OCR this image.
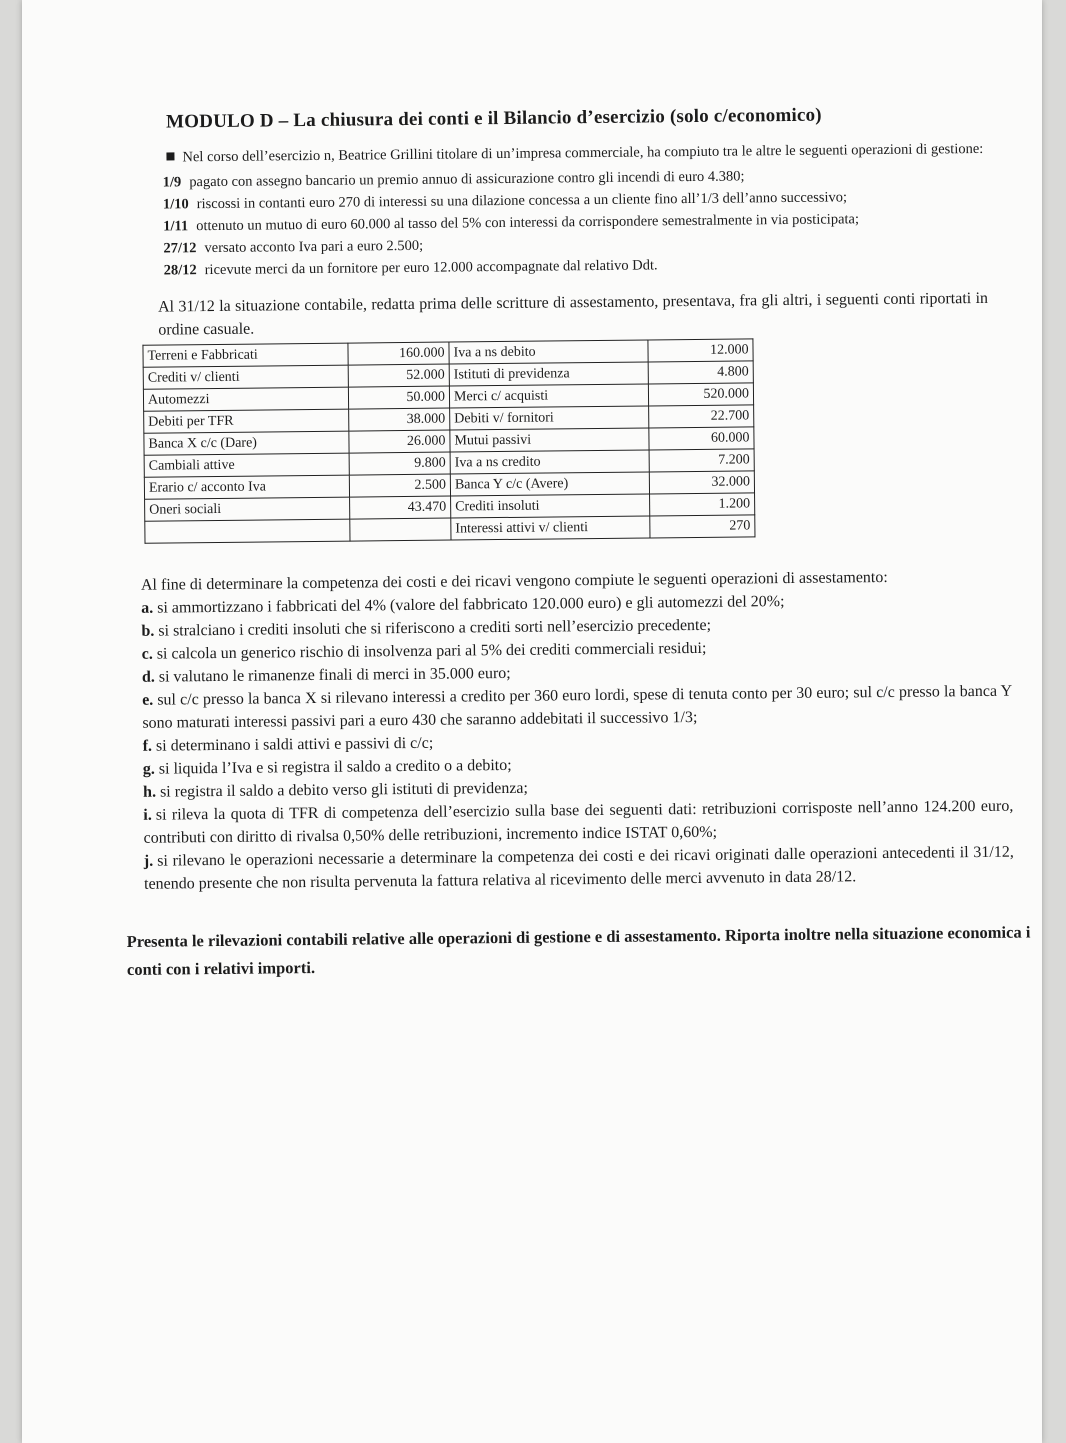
MODULO D – La chiusura dei conti e il Bilancio d’esercizio (solo c/economico)

Nel corso dell’esercizio n, Beatrice Grillini titolare di un’impresa commerciale, ha compiuto tra le altre le seguenti operazioni di gestione:

1/9 pagato con assegno bancario un premio annuo di assicurazione contro gli incendi di euro 4.380;

1/10 riscossi in contanti euro 270 di interessi su una dilazione concessa a un cliente fino all’1/3 dell’anno successivo;

1/11 ottenuto un mutuo di euro 60.000 al tasso del 5% con interessi da corrispondere semestralmente in via posticipata;

27/12 versato acconto Iva pari a euro 2.500;

28/12 ricevute merci da un fornitore per euro 12.000 accompagnate dal relativo Ddt.

Al 31/12 la situazione contabile, redatta prima delle scritture di assestamento, presentava, fra gli altri, i seguenti conti riportati in ordine casuale.

Terreni e Fabbricati	160.000	Iva a ns debito	12.000
Crediti v/ clienti	52.000	Istituti di previdenza	4.800
Automezzi	50.000	Merci c/ acquisti	520.000
Debiti per TFR	38.000	Debiti v/ fornitori	22.700
Banca X c/c (Dare)	26.000	Mutui passivi	60.000
Cambiali attive	9.800	Iva a ns credito	7.200
Erario c/ acconto Iva	2.500	Banca Y c/c (Avere)	32.000
Oneri sociali	43.470	Crediti insoluti	1.200
		Interessi attivi v/ clienti	270

Al fine di determinare la competenza dei costi e dei ricavi vengono compiute le seguenti operazioni di assestamento:

a. si ammortizzano i fabbricati del 4% (valore del fabbricato 120.000 euro) e gli automezzi del 20%;

b. si stralciano i crediti insoluti che si riferiscono a crediti sorti nell’esercizio precedente;

c. si calcola un generico rischio di insolvenza pari al 5% dei crediti commerciali residui;

d. si valutano le rimanenze finali di merci in 35.000 euro;

e. sul c/c presso la banca X si rilevano interessi a credito per 360 euro lordi, spese di tenuta conto per 30 euro; sul c/c presso la banca Y sono maturati interessi passivi pari a euro 430 che saranno addebitati il successivo 1/3;

f. si determinano i saldi attivi e passivi di c/c;

g. si liquida l’Iva e si registra il saldo a credito o a debito;

h. si registra il saldo a debito verso gli istituti di previdenza;

i. si rileva la quota di TFR di competenza dell’esercizio sulla base dei seguenti dati: retribuzioni corrisposte nell’anno 124.200 euro, contributi con diritto di rivalsa 0,50% delle retribuzioni, incremento indice ISTAT 0,60%;

j. si rilevano le operazioni necessarie a determinare la competenza dei costi e dei ricavi originati dalle operazioni antecedenti il 31/12, tenendo presente che non risulta pervenuta la fattura relativa al ricevimento delle merci avvenuto in data 28/12.

Presenta le rilevazioni contabili relative alle operazioni di gestione e di assestamento. Riporta inoltre nella situazione economica i conti con i relativi importi.
